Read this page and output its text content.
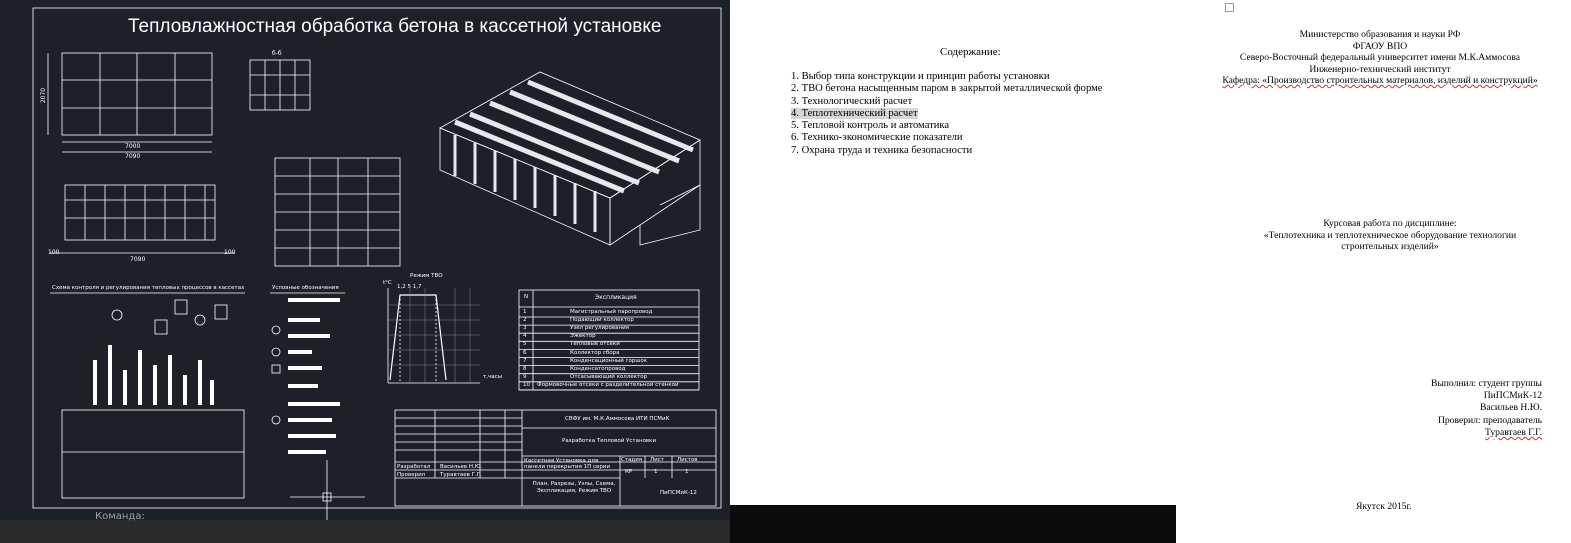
Тепловлажностная обработка бетона в кассетной установке
б-б
7000
7090
2070
100	100
7090
Схема контроля и регулирования тепловых процессов в кассетах	Условные обозначения
Режим ТВО
1,2 5 1,7
t°C
τ,часы
N	Экспликация
1	Магистральный паропровод
2	Подающий коллектор
3	Узел регулирования
4	Эжектор
5	Тепловые отсеки
6	Коллектор сбора
7	Конденсационный горшок
8	Конденсатопровод
9	Отсасывающий коллектор
10 Формовочные отсеки с разделительной стенкой
СВФУ им. М.К.Аммосова ИТИ ПСМиК
Разработка Тепловой Установки
Кассетная Установка для панели перекрытия 1П серии
Стадия Лист Листов
КР	1	1
Разработал Васильев Н.Ю.
Проверил	Туравтаев Г.Г.
План, Разрезы, Узлы, Схема, Экспликация, Режим ТВО	ПиПСМиК-12
Команда:
Содержание:
1. Выбор типа конструкции и принцип работы установки
2. ТВО бетона насыщенным паром в закрытой металлической форме
3. Технологический расчет
4. Теплотехнический расчет
5. Тепловой контроль и автоматика
6. Технико-экономические показатели
7. Охрана труда и техника безопасности
Министерство образования и науки РФ
ФГАОУ ВПО
Северо-Восточный федеральный университет имени М.К.Аммосова
Инженерно-технический институт
Кафедра: «Производство строительных материалов, изделий и конструкций»
Курсовая работа по дисциплине:
«Теплотехника и теплотехническое оборудование технологии
строительных изделий»
Выполнил: студент группы
ПиПСМиК-12
Васильев Н.Ю.
Проверил: преподаватель
Туравтаев Г.Г.
Якутск 2015г.
